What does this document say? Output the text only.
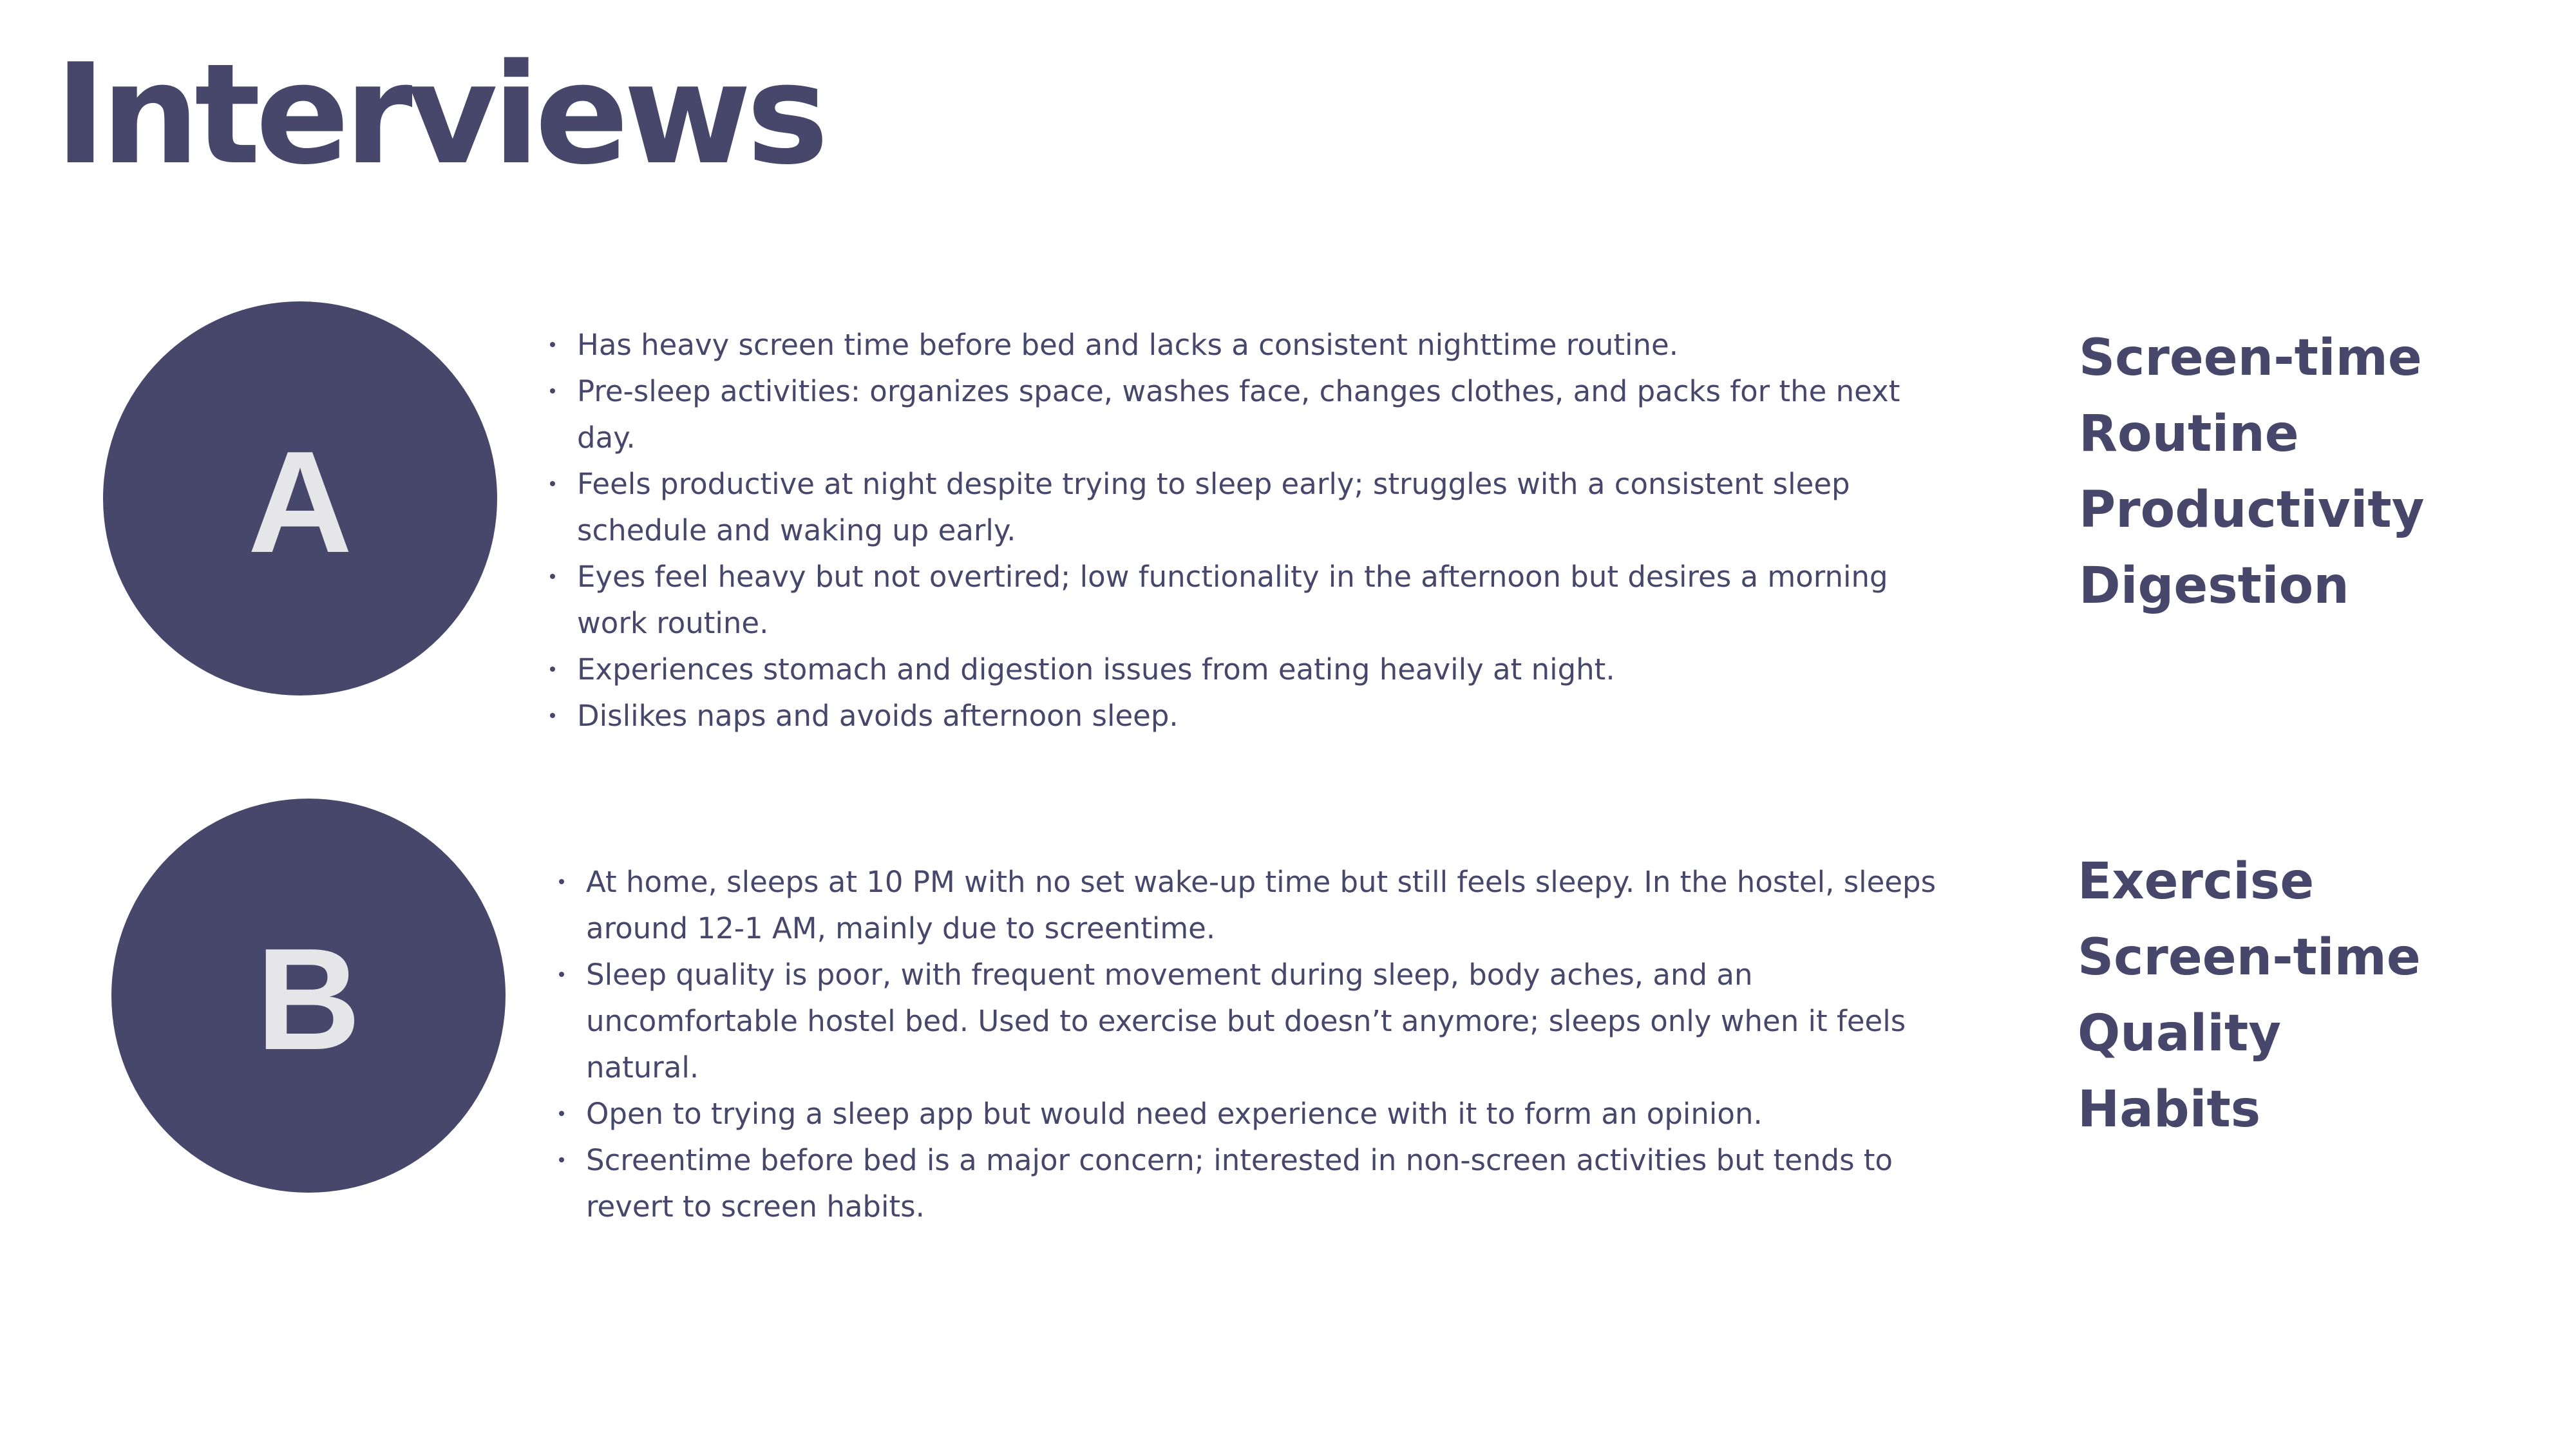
Interviews
A
Has heavy screen time before bed and lacks a consistent nighttime routine.
Pre-sleep activities: organizes space, washes face, changes clothes, and packs for the next day.
Feels productive at night despite trying to sleep early; struggles with a consistent sleep schedule and waking up early.
Eyes feel heavy but not overtired; low functionality in the afternoon but desires a morning work routine.
Experiences stomach and digestion issues from eating heavily at night.
Dislikes naps and avoids afternoon sleep.
Screen-time
Routine
Productivity
Digestion
B
At home, sleeps at 10 PM with no set wake-up time but still feels sleepy. In the hostel, sleeps around 12-1 AM, mainly due to screentime.
Sleep quality is poor, with frequent movement during sleep, body aches, and an uncomfortable hostel bed. Used to exercise but doesn’t anymore; sleeps only when it feels natural.
Open to trying a sleep app but would need experience with it to form an opinion.
Screentime before bed is a major concern; interested in non-screen activities but tends to revert to screen habits.
Exercise
Screen-time
Quality
Habits
